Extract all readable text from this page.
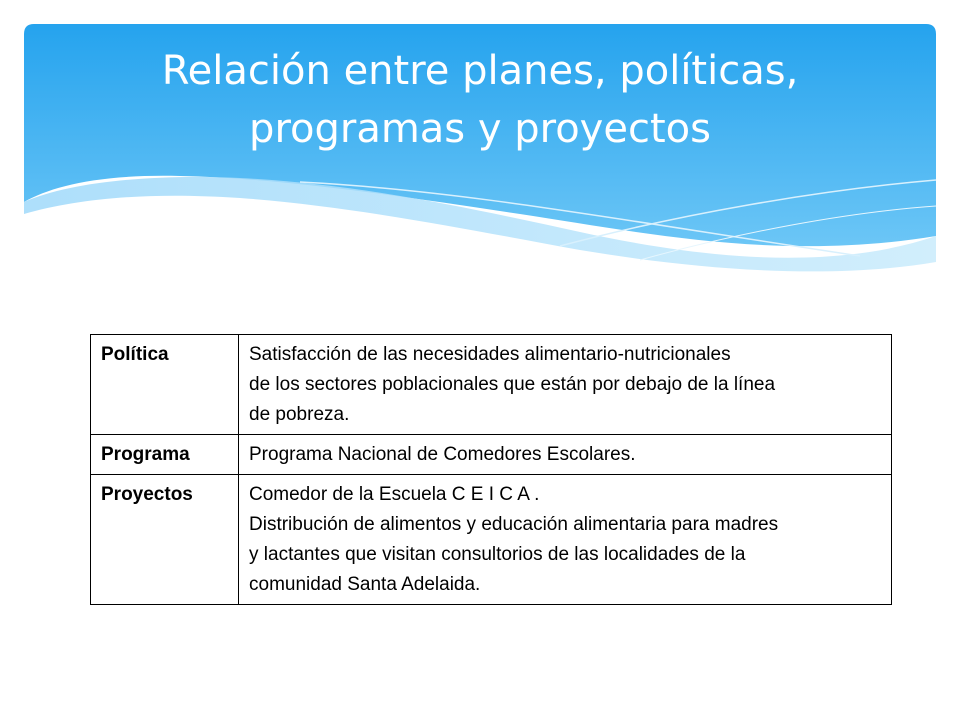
Relación entre planes, políticas,
programas y proyectos
Política	Satisfacción de las necesidades alimentario-nutricionales
de los sectores poblacionales que están por debajo de la línea
de pobreza.

Programa	Programa Nacional de Comedores Escolares.

Proyectos	Comedor de la Escuela C E I C A .
Distribución de alimentos y educación alimentaria para madres
y lactantes que visitan consultorios de las localidades de la
comunidad Santa Adelaida.
